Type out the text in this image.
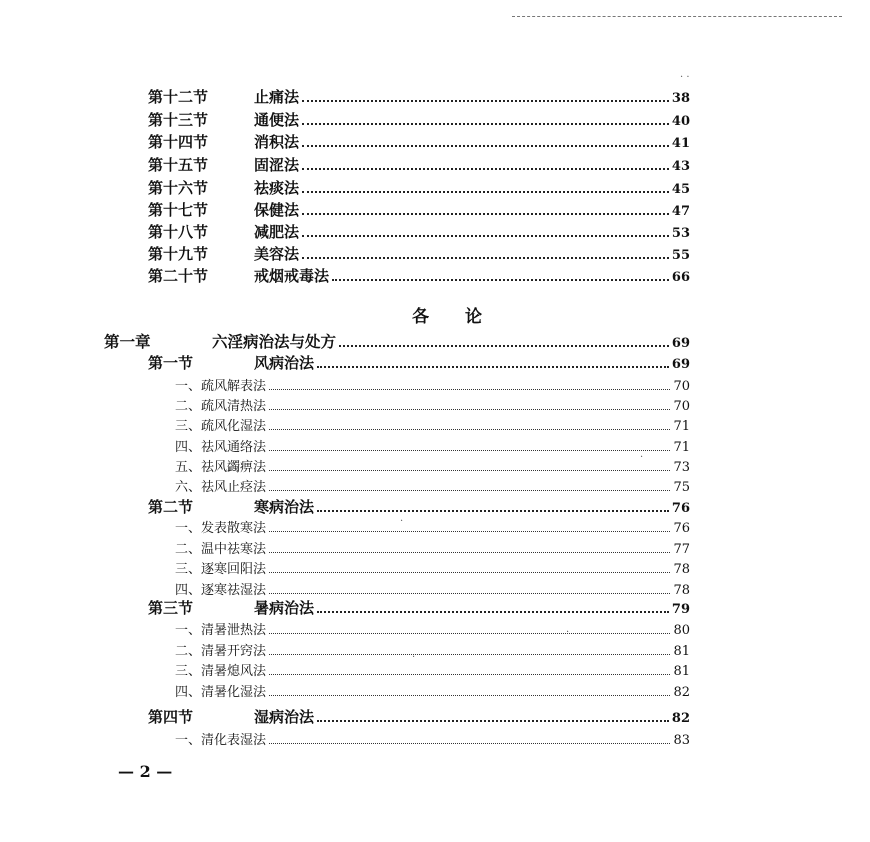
第十二节	止痛法	38
第十三节	通便法	40
第十四节	消积法	41
第十五节	固涩法	43
第十六节	祛痰法	45
第十七节	保健法	47
第十八节	减肥法	53
第十九节	美容法	55
第二十节	戒烟戒毒法	66
各论
第一章	六淫病治法与处方	69
第一节	风病治法	69
一、疏风解表法	70
二、疏风清热法	70
三、疏风化湿法	71
四、祛风通络法	71
五、祛风蠲痹法	73
六、祛风止痉法	75
第二节	寒病治法	76
一、发表散寒法	76
二、温中祛寒法	77
三、逐寒回阳法	78
四、逐寒祛湿法	78
第三节	暑病治法	79
一、清暑泄热法	80
二、清暑开窍法	81
三、清暑熄风法	81
四、清暑化湿法	82
第四节	湿病治法	82
一、清化表湿法	83
— 2 —
· ·
·
·
·
·
